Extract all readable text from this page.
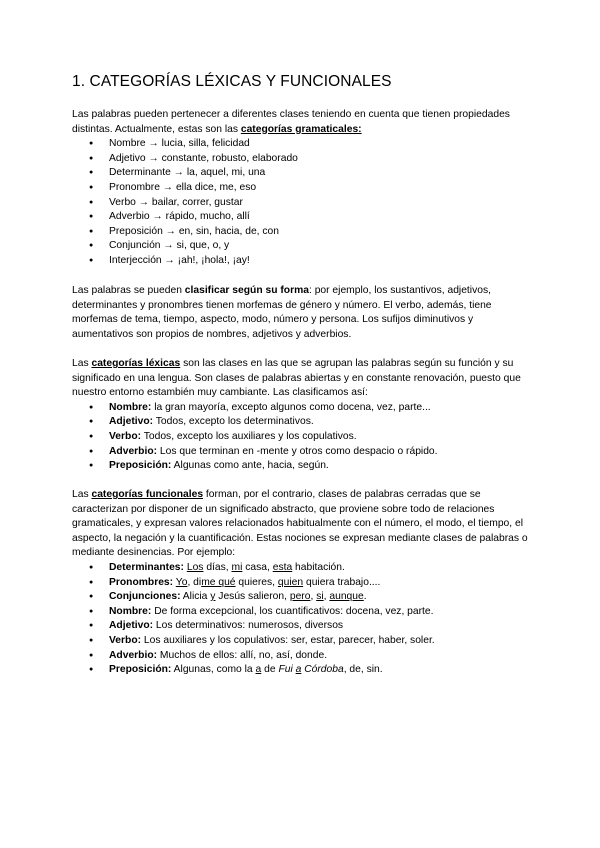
1. CATEGORÍAS LÉXICAS Y FUNCIONALES

Las palabras pueden pertenecer a diferentes clases teniendo en cuenta que tienen propiedades distintas. Actualmente, estas son las categorías gramaticales:

● Nombre → lucia, silla, felicidad
● Adjetivo → constante, robusto, elaborado
● Determinante → la, aquel, mi, una
● Pronombre → ella dice, me, eso
● Verbo → bailar, correr, gustar
● Adverbio → rápido, mucho, allí
● Preposición → en, sin, hacia, de, con
● Conjunción → si, que, o, y
● Interjección → ¡ah!, ¡hola!, ¡ay!

Las palabras se pueden clasificar según su forma: por ejemplo, los sustantivos, adjetivos, determinantes y pronombres tienen morfemas de género y número. El verbo, además, tiene morfemas de tema, tiempo, aspecto, modo, número y persona. Los sufijos diminutivos y aumentativos son propios de nombres, adjetivos y adverbios.

Las categorías léxicas son las clases en las que se agrupan las palabras según su función y su significado en una lengua. Son clases de palabras abiertas y en constante renovación, puesto que nuestro entorno estambién muy cambiante. Las clasificamos así:

● Nombre: la gran mayoría, excepto algunos como docena, vez, parte...
● Adjetivo: Todos, excepto los determinativos.
● Verbo: Todos, excepto los auxiliares y los copulativos.
● Adverbio: Los que terminan en -mente y otros como despacio o rápido.
● Preposición: Algunas como ante, hacia, según.

Las categorías funcionales forman, por el contrario, clases de palabras cerradas que se caracterizan por disponer de un significado abstracto, que proviene sobre todo de relaciones gramaticales, y expresan valores relacionados habitualmente con el número, el modo, el tiempo, el aspecto, la negación y la cuantificación. Estas nociones se expresan mediante clases de palabras o mediante desinencias. Por ejemplo:

● Determinantes: Los días, mi casa, esta habitación.
● Pronombres: Yo, dime qué quieres, quien quiera trabajo....
● Conjunciones: Alicia y Jesús salieron, pero, si, aunque.
● Nombre: De forma excepcional, los cuantificativos: docena, vez, parte.
● Adjetivo: Los determinativos: numerosos, diversos
● Verbo: Los auxiliares y los copulativos: ser, estar, parecer, haber, soler.
● Adverbio: Muchos de ellos: allí, no, así, donde.
● Preposición: Algunas, como la a de Fui a Córdoba, de, sin.
